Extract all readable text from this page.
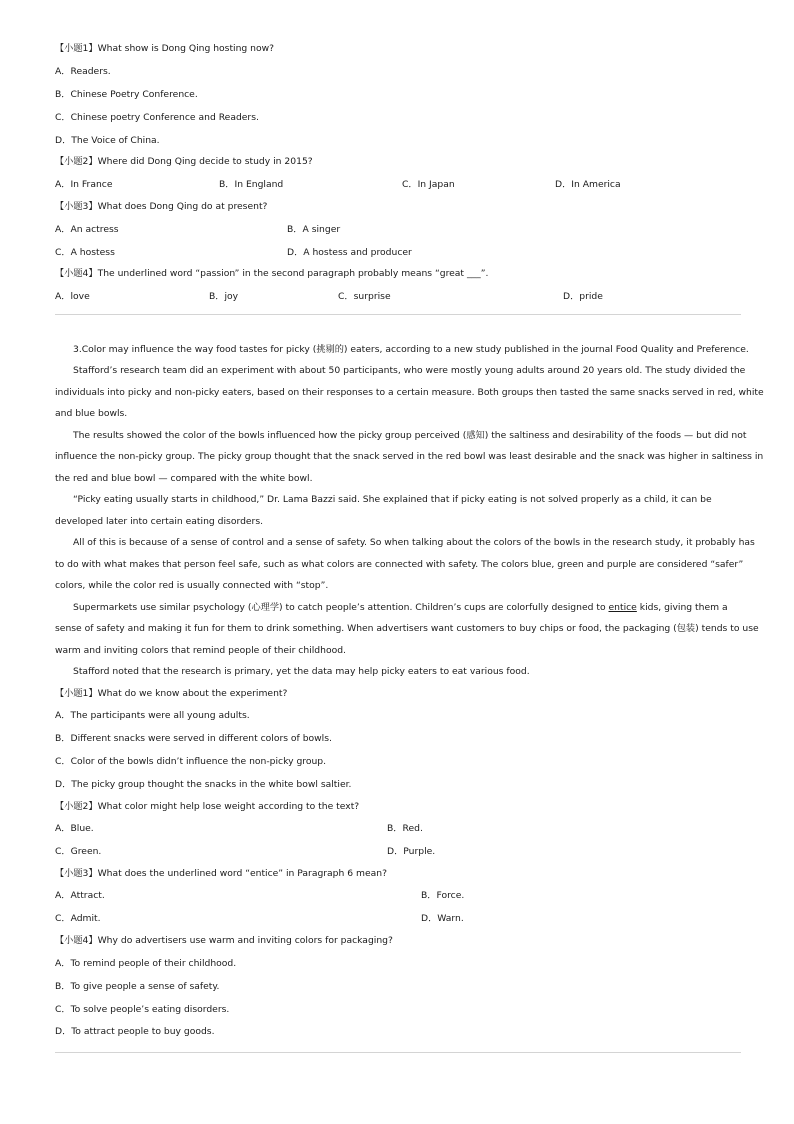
【小题1】What show is Dong Qing hosting now?
A．Readers.
B．Chinese Poetry Conference.
C．Chinese poetry Conference and Readers.
D．The Voice of China.
【小题2】Where did Dong Qing decide to study in 2015?
A．In France	B．In England	C．In Japan	D．In America
【小题3】What does Dong Qing do at present?
A．An actress	B．A singer
C．A hostess	D．A hostess and producer
【小题4】The underlined word “passion” in the second paragraph probably means “great ___”.
A．love	B．joy	C．surprise	D．pride
3.Color may influence the way food tastes for picky (挑剔的) eaters, according to a new study published in the journal Food Quality and Preference.
Stafford’s research team did an experiment with about 50 participants, who were mostly young adults around 20 years old. The study divided the
individuals into picky and non-picky eaters, based on their responses to a certain measure. Both groups then tasted the same snacks served in red, white
and blue bowls.
The results showed the color of the bowls influenced how the picky group perceived (感知) the saltiness and desirability of the foods — but did not
influence the non-picky group. The picky group thought that the snack served in the red bowl was least desirable and the snack was higher in saltiness in
the red and blue bowl — compared with the white bowl.
“Picky eating usually starts in childhood,” Dr. Lama Bazzi said. She explained that if picky eating is not solved properly as a child, it can be
developed later into certain eating disorders.
All of this is because of a sense of control and a sense of safety. So when talking about the colors of the bowls in the research study, it probably has
to do with what makes that person feel safe, such as what colors are connected with safety. The colors blue, green and purple are considered “safer”
colors, while the color red is usually connected with “stop”.
Supermarkets use similar psychology (心理学) to catch people’s attention. Children’s cups are colorfully designed to entice kids, giving them a
sense of safety and making it fun for them to drink something. When advertisers want customers to buy chips or food, the packaging (包装) tends to use
warm and inviting colors that remind people of their childhood.
Stafford noted that the research is primary, yet the data may help picky eaters to eat various food.
【小题1】What do we know about the experiment?
A．The participants were all young adults.
B．Different snacks were served in different colors of bowls.
C．Color of the bowls didn’t influence the non-picky group.
D．The picky group thought the snacks in the white bowl saltier.
【小题2】What color might help lose weight according to the text?
A．Blue.	B．Red.
C．Green.	D．Purple.
【小题3】What does the underlined word “entice” in Paragraph 6 mean?
A．Attract.	B．Force.
C．Admit.	D．Warn.
【小题4】Why do advertisers use warm and inviting colors for packaging?
A．To remind people of their childhood.
B．To give people a sense of safety.
C．To solve people’s eating disorders.
D．To attract people to buy goods.
